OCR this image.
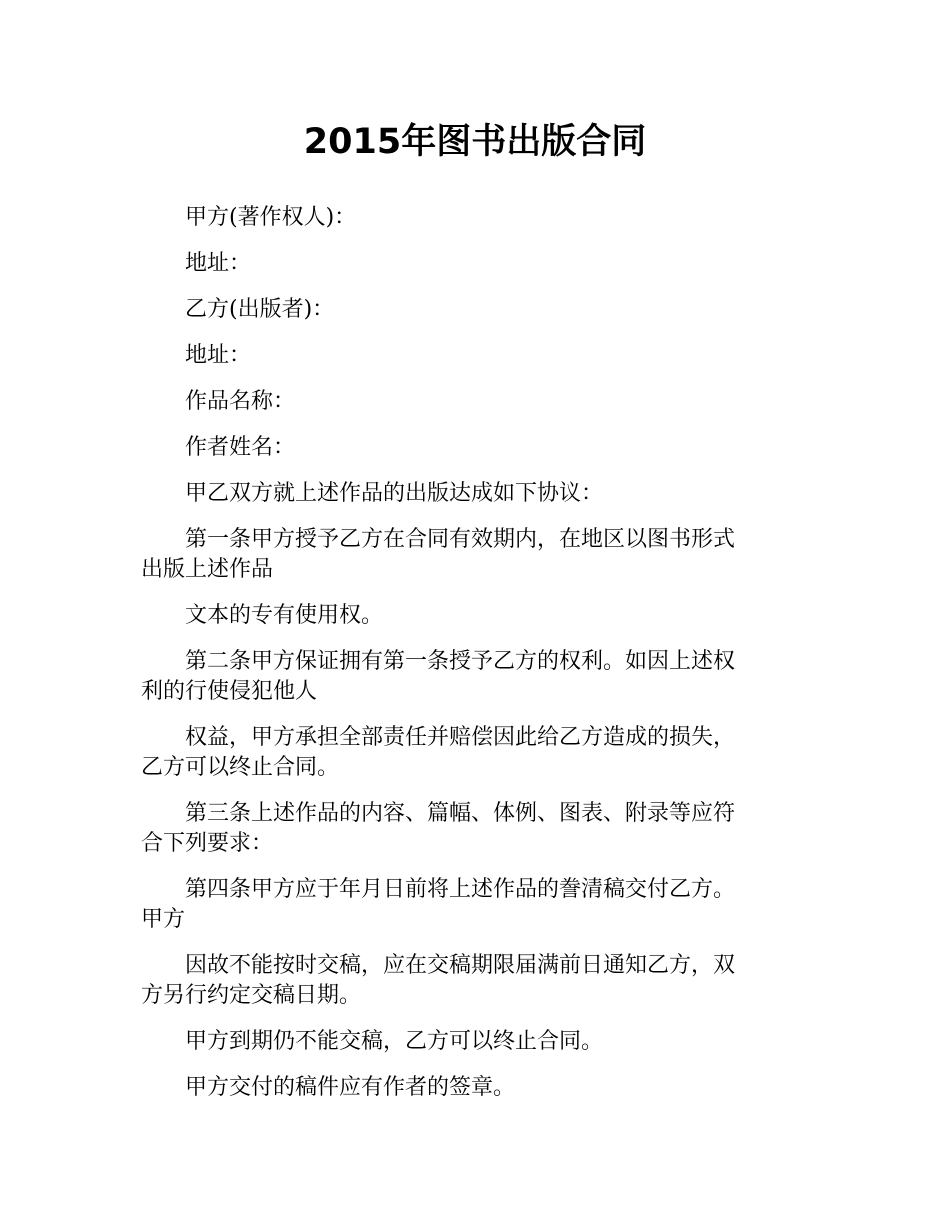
2015年图书出版合同
甲方(著作权人)：
地址：
乙方(出版者)：
地址：
作品名称：
作者姓名：
甲乙双方就上述作品的出版达成如下协议：
第一条甲方授予乙方在合同有效期内，在地区以图书形式
出版上述作品
文本的专有使用权。
第二条甲方保证拥有第一条授予乙方的权利。如因上述权
利的行使侵犯他人
权益，甲方承担全部责任并赔偿因此给乙方造成的损失，
乙方可以终止合同。
第三条上述作品的内容、篇幅、体例、图表、附录等应符
合下列要求：
第四条甲方应于年月日前将上述作品的誊清稿交付乙方。
甲方
因故不能按时交稿，应在交稿期限届满前日通知乙方，双
方另行约定交稿日期。
甲方到期仍不能交稿，乙方可以终止合同。
甲方交付的稿件应有作者的签章。
